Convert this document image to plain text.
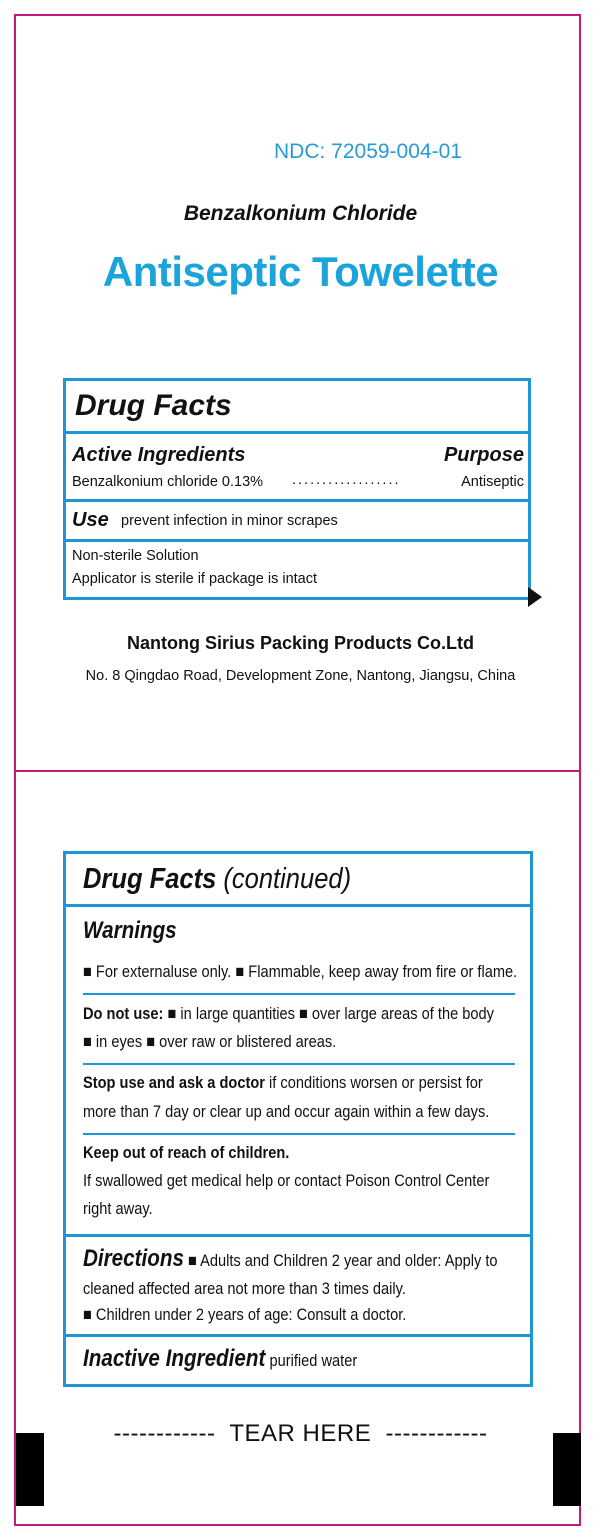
NDC: 72059-004-01
Benzalkonium Chloride
Antiseptic Towelette
Drug Facts
Active Ingredients	Purpose
Benzalkonium chloride 0.13% ..................	Antiseptic
Use prevent infection in minor scrapes
Non-sterile Solution
Applicator is sterile if package is intact
Nantong Sirius Packing Products Co.Ltd
No. 8 Qingdao Road, Development Zone, Nantong, Jiangsu, China
Drug Facts (continued)
Warnings
■ For externaluse only. ■ Flammable, keep away from fire or flame.
Do not use: ■ in large quantities ■ over large areas of the body
■ in eyes ■ over raw or blistered areas.
Stop use and ask a doctor if conditions worsen or persist for
more than 7 day or clear up and occur again within a few days.
Keep out of reach of children.
If swallowed get medical help or contact Poison Control Center
right away.
Directions ■ Adults and Children 2 year and older: Apply to
cleaned affected area not more than 3 times daily.
■ Children under 2 years of age: Consult a doctor.
Inactive Ingredient purified water
------------  TEAR HERE  ------------
